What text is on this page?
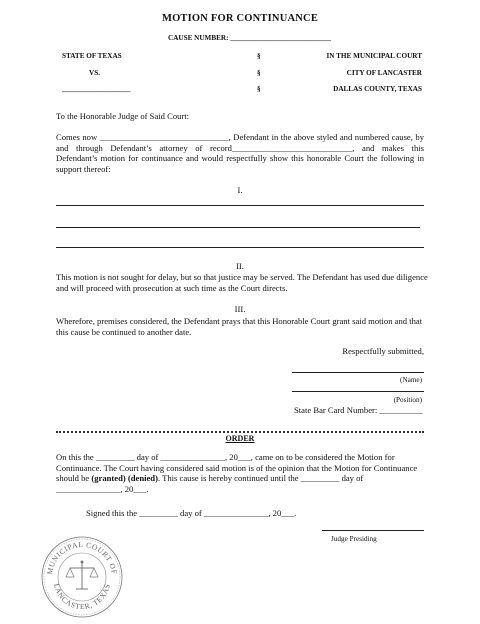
MOTION FOR CONTINUANCE
CAUSE NUMBER: ____________________________
STATE OF TEXAS
VS.
___________________
§
§
§
IN THE MUNICIPAL COURT
CITY OF LANCASTER
DALLAS COUNTY, TEXAS
To the Honorable Judge of Said Court:
Comes now ______________________________, Defendant in the above styled and numbered cause, by and through Defendant’s attorney of record____________________________, and makes this Defendant’s motion for continuance and would respectfully show this honorable Court the following in support thereof:
I.
II.
This motion is not sought for delay, but so that justice may be served. The Defendant has used due diligence and will proceed with prosecution at such time as the Court directs.
III.
Wherefore, premises considered, the Defendant prays that this Honorable Court grant said motion and that this cause be continued to another date.
Respectfully submitted,
(Name)
(Position)
State Bar Card Number: __________
ORDER
On this the _________ day of _______________, 20___, came on to be considered the Motion for Continuance. The Court having considered said motion is of the opinion that the Motion for Continuance should be (granted) (denied). This cause is hereby continued until the _________ day of _______________, 20___.
Signed this the _________ day of _______________, 20___.
Judge Presiding
MUNICIPAL COURT OF
LANCASTER, TEXAS
